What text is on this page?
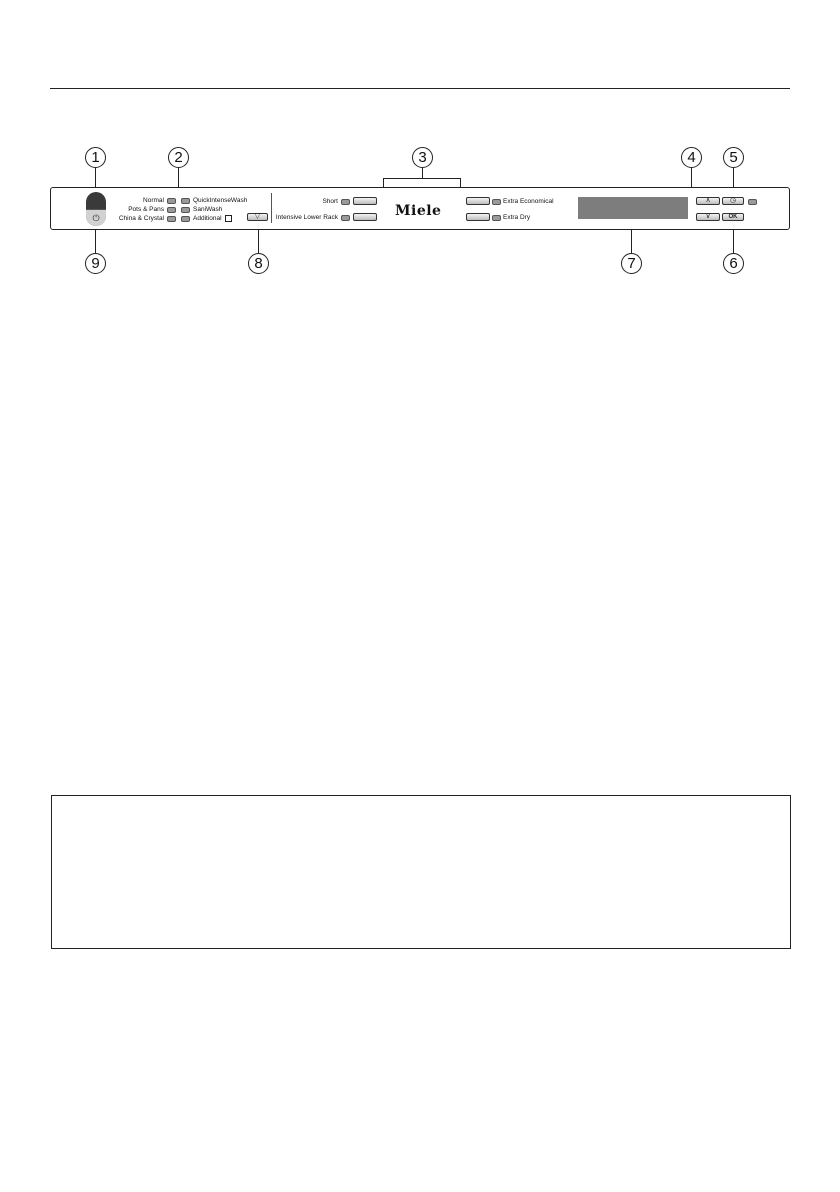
1	2	3	4	5
6
7
8
9
⏻
Normal
Pots & Pans
China & Crystal
QuickIntenseWash
SaniWash
Additional	▽
Short
Intensive Lower Rack	Miele
Extra Economical
Extra Dry
∧
∨
◷
OK
